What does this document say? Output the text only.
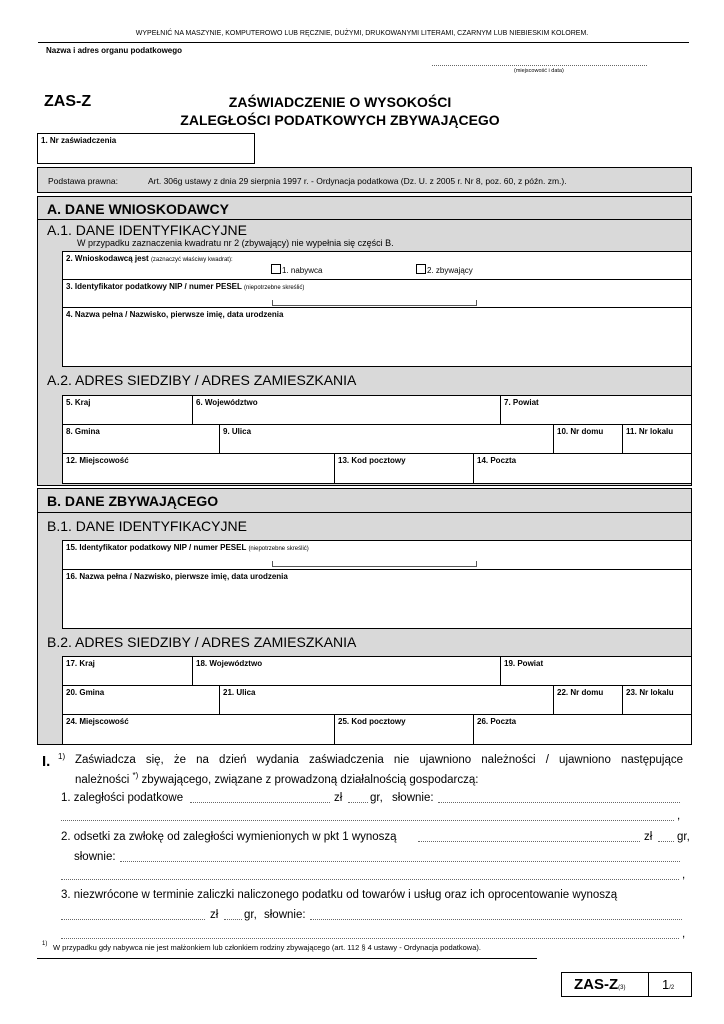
WYPEŁNIĆ NA MASZYNIE, KOMPUTEROWO LUB RĘCZNIE, DUŻYMI, DRUKOWANYMI LITERAMI, CZARNYM LUB NIEBIESKIM KOLOREM.
Nazwa i adres organu podatkowego
(miejscowość i data)
ZAS-Z	ZAŚWIADCZENIE O WYSOKOŚCI
ZALEGŁOŚCI PODATKOWYCH ZBYWAJĄCEGO
1. Nr zaświadczenia
Podstawa prawna:	Art. 306g ustawy z dnia 29 sierpnia 1997 r. - Ordynacja podatkowa (Dz. U. z 2005 r. Nr 8, poz. 60, z późn. zm.).
A. DANE WNIOSKODAWCY
A.1. DANE IDENTYFIKACYJNE
W przypadku zaznaczenia kwadratu nr 2 (zbywający) nie wypełnia się części B.
2. Wnioskodawcą jest (zaznaczyć właściwy kwadrat):
1. nabywca	2. zbywający
3. Identyfikator podatkowy NIP / numer PESEL (niepotrzebne skreślić)
4. Nazwa pełna / Nazwisko, pierwsze imię, data urodzenia
A.2. ADRES SIEDZIBY / ADRES ZAMIESZKANIA
5. Kraj	6. Województwo	7. Powiat
8. Gmina	9. Ulica	10. Nr domu	11. Nr lokalu
12. Miejscowość	13. Kod pocztowy	14. Poczta
B. DANE ZBYWAJĄCEGO
B.1. DANE IDENTYFIKACYJNE
15. Identyfikator podatkowy NIP / numer PESEL (niepotrzebne skreślić)
16. Nazwa pełna / Nazwisko, pierwsze imię, data urodzenia
B.2. ADRES SIEDZIBY / ADRES ZAMIESZKANIA
17. Kraj	18. Województwo	19. Powiat
20. Gmina	21. Ulica	22. Nr domu	23. Nr lokalu
24. Miejscowość	25. Kod pocztowy	26. Poczta
I. 1) Zaświadcza się, że na dzień wydania zaświadczenia nie ujawniono należności / ujawniono następujące
należności *) zbywającego, związane z prowadzoną działalnością gospodarczą:
1. zaległości podatkowe	zł gr, słownie:
,
2. odsetki za zwłokę od zaległości wymienionych w pkt 1 wynoszą	zł gr,
słownie:
,
3. niezwrócone w terminie zaliczki naliczonego podatku od towarów i usług oraz ich oprocentowanie wynoszą
zł gr, słownie:
,
1) W przypadku gdy nabywca nie jest małżonkiem lub członkiem rodziny zbywającego (art. 112 § 4 ustawy - Ordynacja podatkowa).
ZAS-Z(3)	1/2
